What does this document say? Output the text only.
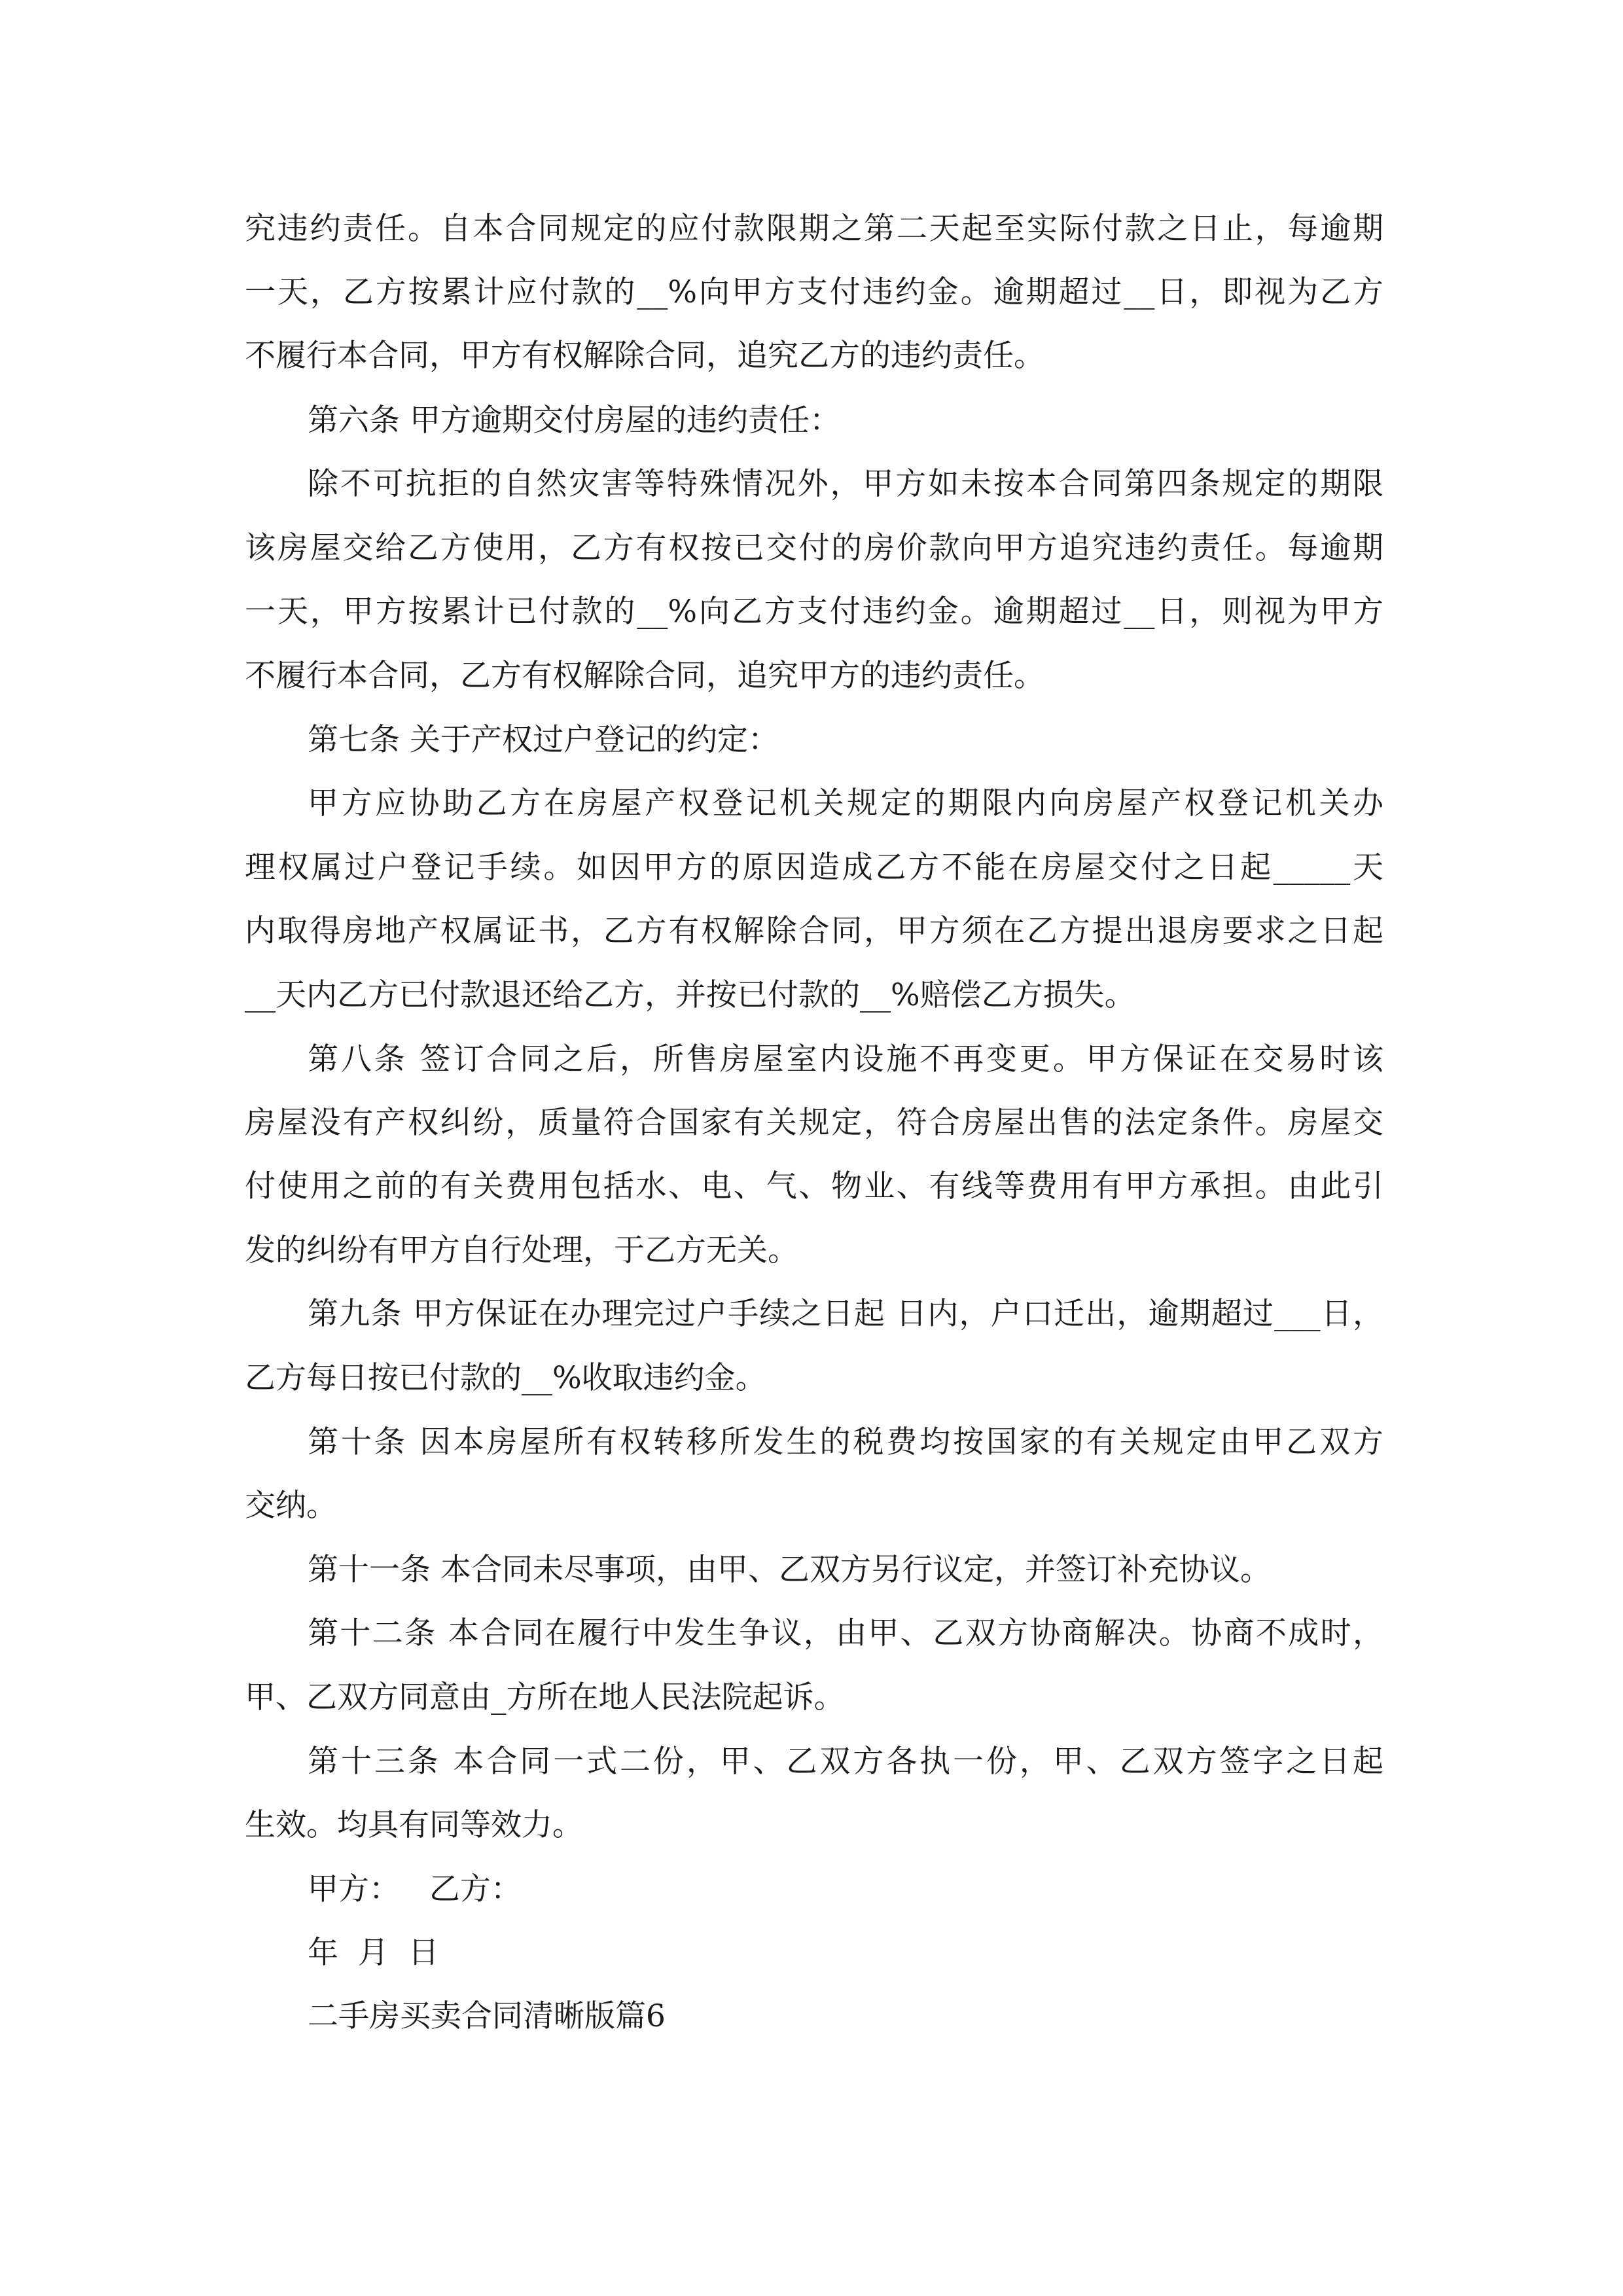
究违约责任。自本合同规定的应付款限期之第二天起至实际付款之日止，每逾期
一天，乙方按累计应付款的__%向甲方支付违约金。逾期超过__日，即视为乙方
不履行本合同，甲方有权解除合同，追究乙方的违约责任。
第六条 甲方逾期交付房屋的违约责任：
除不可抗拒的自然灾害等特殊情况外，甲方如未按本合同第四条规定的期限
该房屋交给乙方使用，乙方有权按已交付的房价款向甲方追究违约责任。每逾期
一天，甲方按累计已付款的__%向乙方支付违约金。逾期超过__日，则视为甲方
不履行本合同，乙方有权解除合同，追究甲方的违约责任。
第七条 关于产权过户登记的约定：
甲方应协助乙方在房屋产权登记机关规定的期限内向房屋产权登记机关办
理权属过户登记手续。如因甲方的原因造成乙方不能在房屋交付之日起_____天
内取得房地产权属证书，乙方有权解除合同，甲方须在乙方提出退房要求之日起
__天内乙方已付款退还给乙方，并按已付款的__%赔偿乙方损失。
第八条 签订合同之后，所售房屋室内设施不再变更。甲方保证在交易时该
房屋没有产权纠纷，质量符合国家有关规定，符合房屋出售的法定条件。房屋交
付使用之前的有关费用包括水、电、气、物业、有线等费用有甲方承担。由此引
发的纠纷有甲方自行处理，于乙方无关。
第九条 甲方保证在办理完过户手续之日起 日内，户口迁出，逾期超过___日，
乙方每日按已付款的__%收取违约金。
第十条 因本房屋所有权转移所发生的税费均按国家的有关规定由甲乙双方
交纳。
第十一条 本合同未尽事项，由甲、乙双方另行议定，并签订补充协议。
第十二条 本合同在履行中发生争议，由甲、乙双方协商解决。协商不成时，
甲、乙双方同意由_方所在地人民法院起诉。
第十三条 本合同一式二份，甲、乙双方各执一份，甲、乙双方签字之日起
生效。均具有同等效力。
甲方：   乙方：
年  月  日
二手房买卖合同清晰版篇6
